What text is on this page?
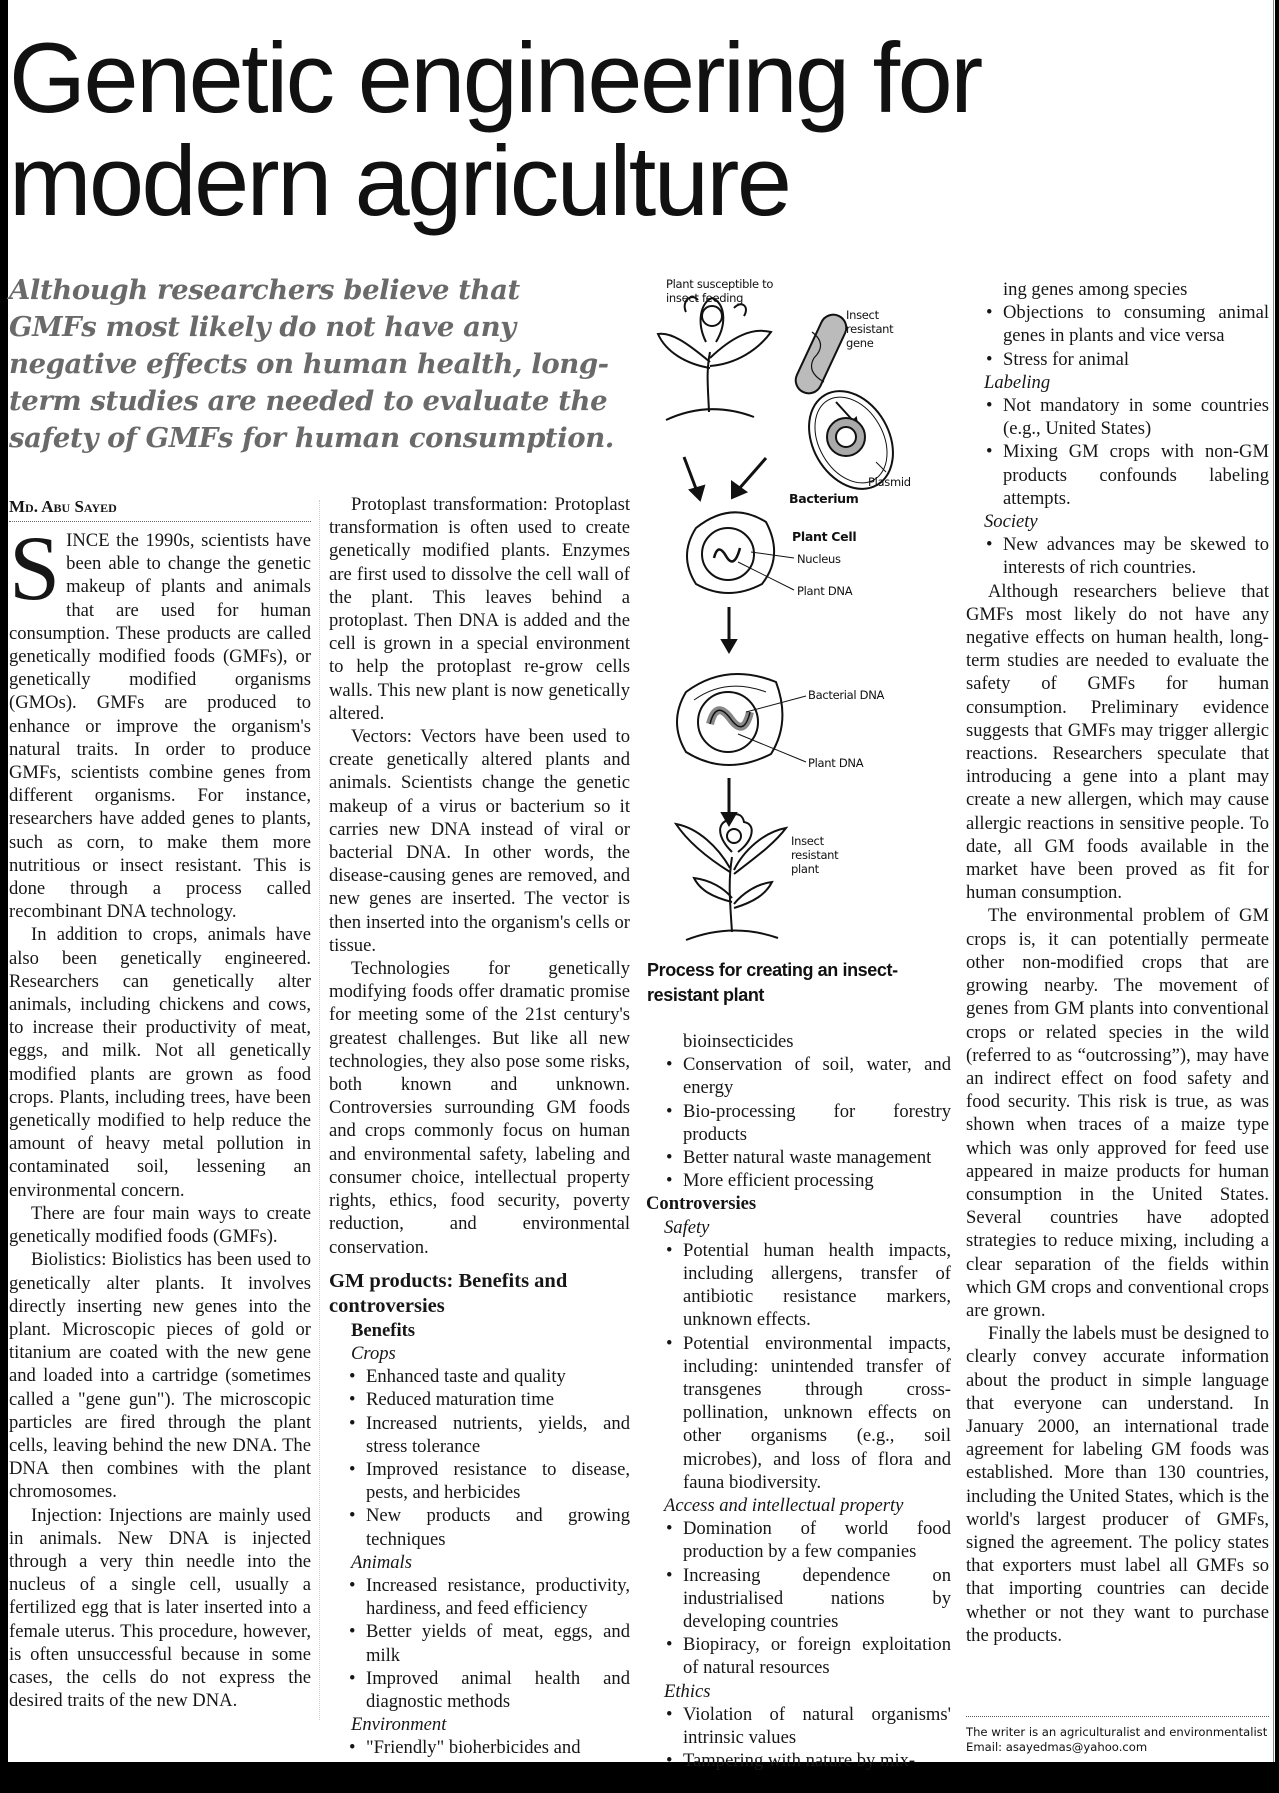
Genetic engineering for modern agriculture

Although researchers believe that GMFs most likely do not have any negative effects on human health, long-term studies are needed to evaluate the safety of GMFs for human consumption.

Md. Abu Sayed
SINCE the 1990s, scientists have been able to change the genetic makeup of plants and animals that are used for human consumption. These products are called genetically modified foods (GMFs), or genetically modified organisms (GMOs). GMFs are produced to enhance or improve the organism's natural traits. In order to produce GMFs, scientists combine genes from different organisms. For instance, researchers have added genes to plants, such as corn, to make them more nutritious or insect resistant. This is done through a process called recombinant DNA technology.
In addition to crops, animals have also been genetically engineered. Researchers can genetically alter animals, including chickens and cows, to increase their productivity of meat, eggs, and milk. Not all genetically modified plants are grown as food crops. Plants, including trees, have been genetically modified to help reduce the amount of heavy metal pollution in contaminated soil, lessening an environmental concern.
There are four main ways to create genetically modified foods (GMFs).
Biolistics: Biolistics has been used to genetically alter plants. It involves directly inserting new genes into the plant. Microscopic pieces of gold or titanium are coated with the new gene and loaded into a cartridge (sometimes called a "gene gun"). The microscopic particles are fired through the plant cells, leaving behind the new DNA. The DNA then combines with the plant chromosomes.
Injection: Injections are mainly used in animals. New DNA is injected through a very thin needle into the nucleus of a single cell, usually a fertilized egg that is later inserted into a female uterus. This procedure, however, is often unsuccessful because in some cases, the cells do not express the desired traits of the new DNA.
Protoplast transformation: Protoplast transformation is often used to create genetically modified plants. Enzymes are first used to dissolve the cell wall of the plant. This leaves behind a protoplast. Then DNA is added and the cell is grown in a special environment to help the protoplast re-grow cells walls. This new plant is now genetically altered.
Vectors: Vectors have been used to create genetically altered plants and animals. Scientists change the genetic makeup of a virus or bacterium so it carries new DNA instead of viral or bacterial DNA. In other words, the disease-causing genes are removed, and new genes are inserted. The vector is then inserted into the organism's cells or tissue.
Technologies for genetically modifying foods offer dramatic promise for meeting some of the 21st century's greatest challenges. But like all new technologies, they also pose some risks, both known and unknown. Controversies surrounding GM foods and crops commonly focus on human and environmental safety, labeling and consumer choice, intellectual property rights, ethics, food security, poverty reduction, and environmental conservation.
GM products: Benefits and controversies
Benefits
Crops
• Enhanced taste and quality
• Reduced maturation time
• Increased nutrients, yields, and stress tolerance
• Improved resistance to disease, pests, and herbicides
• New products and growing techniques
Animals
• Increased resistance, productivity, hardiness, and feed efficiency
• Better yields of meat, eggs, and milk
• Improved animal health and diagnostic methods
Environment
• "Friendly" bioherbicides and
Plant susceptible to insect feeding
Insect resistant gene
Plasmid
Bacterium
Plant Cell
Nucleus
Plant DNA
Bacterial DNA
Plant DNA
Insect resistant plant
Process for creating an insect-resistant plant
bioinsecticides
• Conservation of soil, water, and energy
• Bio-processing for forestry products
• Better natural waste management
• More efficient processing
Controversies
Safety
• Potential human health impacts, including allergens, transfer of antibiotic resistance markers, unknown effects.
• Potential environmental impacts, including: unintended transfer of transgenes through cross-pollination, unknown effects on other organisms (e.g., soil microbes), and loss of flora and fauna biodiversity.
Access and intellectual property
• Domination of world food production by a few companies
• Increasing dependence on industrialised nations by developing countries
• Biopiracy, or foreign exploitation of natural resources
Ethics
• Violation of natural organisms' intrinsic values
• Tampering with nature by mix-
ing genes among species
• Objections to consuming animal genes in plants and vice versa
• Stress for animal
Labeling
• Not mandatory in some countries (e.g., United States)
• Mixing GM crops with non-GM products confounds labeling attempts.
Society
• New advances may be skewed to interests of rich countries.
Although researchers believe that GMFs most likely do not have any negative effects on human health, long-term studies are needed to evaluate the safety of GMFs for human consumption. Preliminary evidence suggests that GMFs may trigger allergic reactions. Researchers speculate that introducing a gene into a plant may create a new allergen, which may cause allergic reactions in sensitive people. To date, all GM foods available in the market have been proved as fit for human consumption.
The environmental problem of GM crops is, it can potentially permeate other non-modified crops that are growing nearby. The movement of genes from GM plants into conventional crops or related species in the wild (referred to as “outcrossing”), may have an indirect effect on food safety and food security. This risk is true, as was shown when traces of a maize type which was only approved for feed use appeared in maize products for human consumption in the United States. Several countries have adopted strategies to reduce mixing, including a clear separation of the fields within which GM crops and conventional crops are grown.
Finally the labels must be designed to clearly convey accurate information about the product in simple language that everyone can understand. In January 2000, an international trade agreement for labeling GM foods was established. More than 130 countries, including the United States, which is the world's largest producer of GMFs, signed the agreement. The policy states that exporters must label all GMFs so that importing countries can decide whether or not they want to purchase the products.
The writer is an agriculturalist and environmentalist
Email: asayedmas@yahoo.com
